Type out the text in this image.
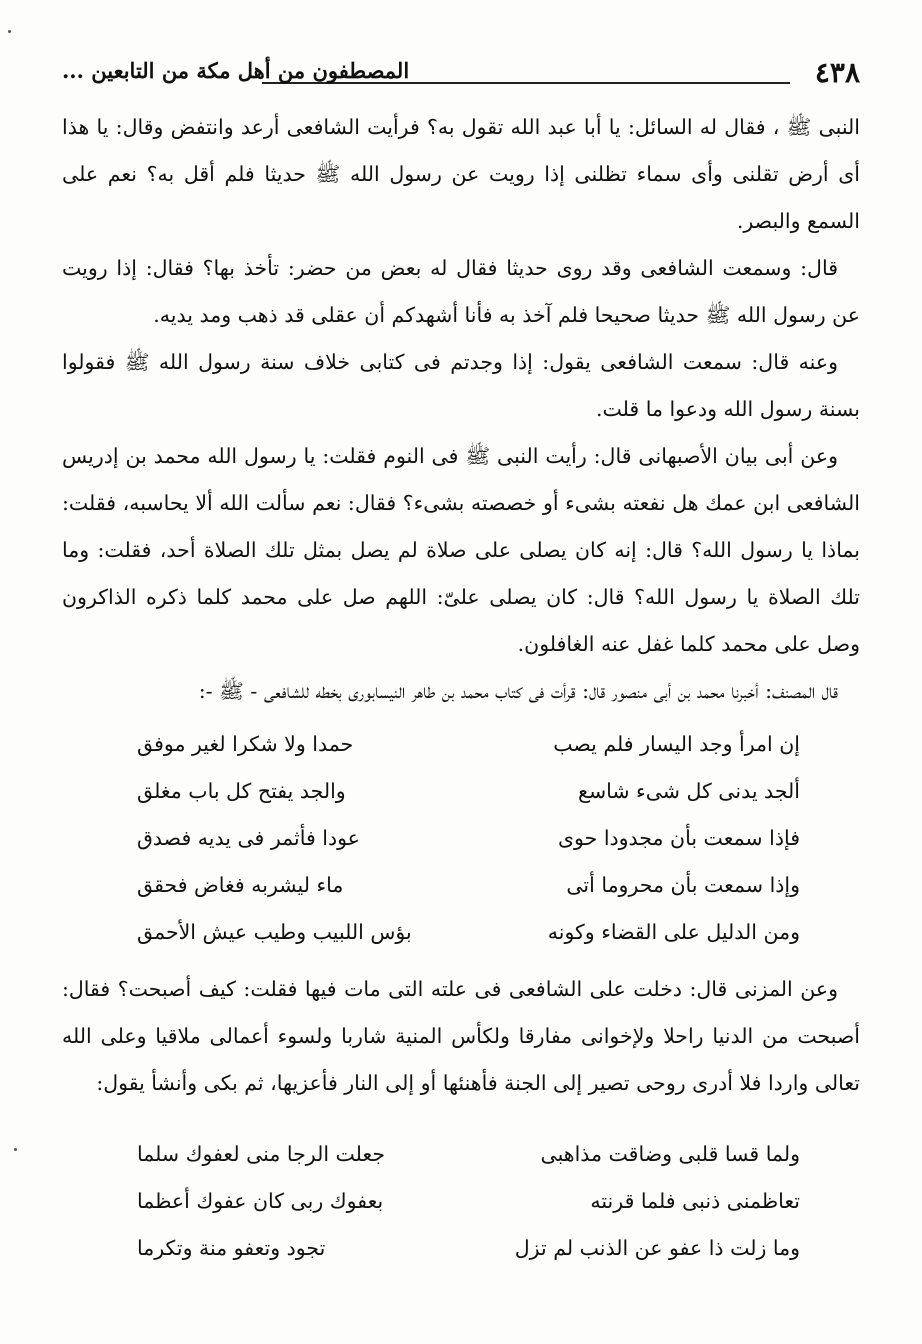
٤٣٨
المصطفون من أهل مكة من التابعين ...

النبى ﷺ ، فقال له السائل: يا أبا عبد الله تقول به؟ فرأيت الشافعى أرعد وانتفض وقال: يا هذا أى أرض تقلنى وأى سماء تظلنى إذا رويت عن رسول الله ﷺ حديثا فلم أقل به؟ نعم على السمع والبصر.

قال: وسمعت الشافعى وقد روى حديثا فقال له بعض من حضر: تأخذ بها؟ فقال: إذا رويت عن رسول الله ﷺ حديثا صحيحا فلم آخذ به فأنا أشهدكم أن عقلى قد ذهب ومد يديه.

وعنه قال: سمعت الشافعى يقول: إذا وجدتم فى كتابى خلاف سنة رسول الله ﷺ فقولوا بسنة رسول الله ودعوا ما قلت.

وعن أبى بيان الأصبهانى قال: رأيت النبى ﷺ فى النوم فقلت: يا رسول الله محمد بن إدريس الشافعى ابن عمك هل نفعته بشىء أو خصصته بشىء؟ فقال: نعم سألت الله ألا يحاسبه، فقلت: بماذا يا رسول الله؟ قال: إنه كان يصلى على صلاة لم يصل بمثل تلك الصلاة أحد، فقلت: وما تلك الصلاة يا رسول الله؟ قال: كان يصلى علىّ: اللهم صل على محمد كلما ذكره الذاكرون وصل على محمد كلما غفل عنه الغافلون.

قال المصنف: أخبرنا محمد بن أبى منصور قال: قرأت فى كتاب محمد بن طاهر النيسابورى بخطه للشافعى - ﷺ -:

إن امرأ وجد اليسار فلم يصب	حمدا ولا شكرا لغير موفق
ألجد يدنى كل شىء شاسع	والجد يفتح كل باب مغلق
فإذا سمعت بأن مجدودا حوى	عودا فأثمر فى يديه فصدق
وإذا سمعت بأن محروما أتى	ماء ليشربه فغاض فحقق
ومن الدليل على القضاء وكونه	بؤس اللبيب وطيب عيش الأحمق

وعن المزنى قال: دخلت على الشافعى فى علته التى مات فيها فقلت: كيف أصبحت؟ فقال: أصبحت من الدنيا راحلا ولإخوانى مفارقا ولكأس المنية شاربا ولسوء أعمالى ملاقيا وعلى الله تعالى واردا فلا أدرى روحى تصير إلى الجنة فأهنئها أو إلى النار فأعزيها، ثم بكى وأنشأ يقول:

ولما قسا قلبى وضاقت مذاهبى	جعلت الرجا منى لعفوك سلما
تعاظمنى ذنبى فلما قرنته	بعفوك ربى كان عفوك أعظما
وما زلت ذا عفو عن الذنب لم تزل	تجود وتعفو منة وتكرما
